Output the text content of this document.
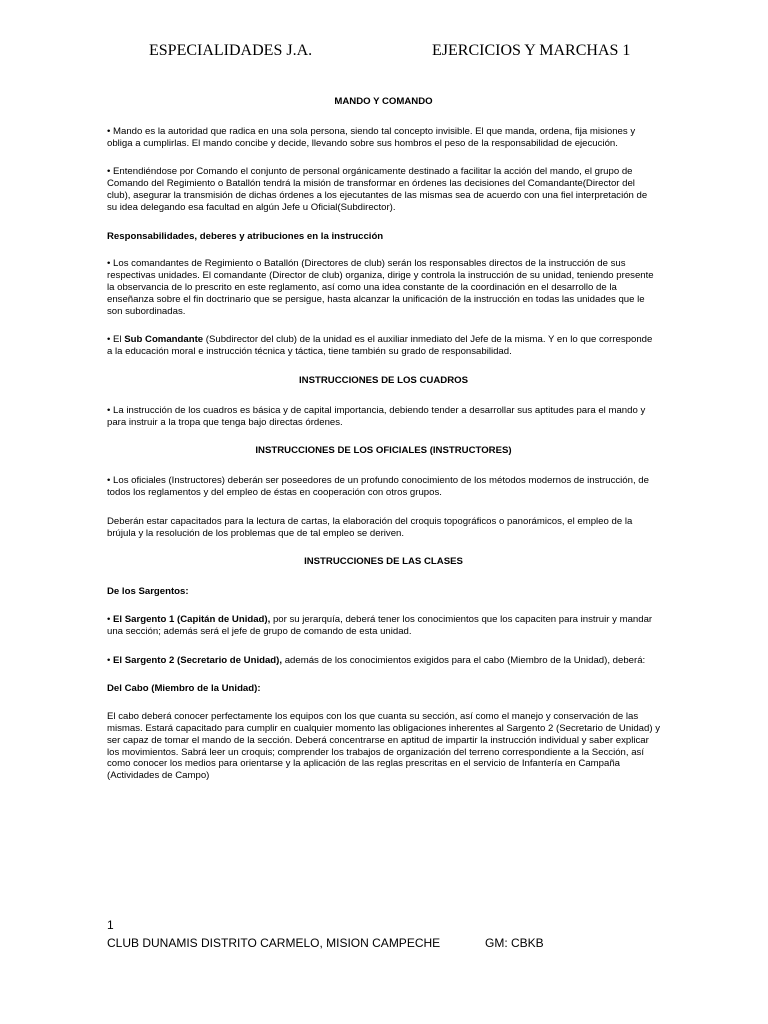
ESPECIALIDADES J.A.	EJERCICIOS Y MARCHAS 1
MANDO Y COMANDO

• Mando es la autoridad que radica en una sola persona, siendo tal concepto invisible. El que manda, ordena, fija misiones y obliga a cumplirlas. El mando concibe y decide, llevando sobre sus hombros el peso de la responsabilidad de ejecución.

• Entendiéndose por Comando el conjunto de personal orgánicamente destinado a facilitar la acción del mando, el grupo de Comando del Regimiento o Batallón tendrá la misión de transformar en órdenes las decisiones del Comandante(Director del club), asegurar la transmisión de dichas órdenes a los ejecutantes de las mismas sea de acuerdo con una fiel interpretación de su idea delegando esa facultad en algún Jefe u Oficial(Subdirector).

Responsabilidades, deberes y atribuciones en la instrucción

• Los comandantes de Regimiento o Batallón (Directores de club) serán los responsables directos de la instrucción de sus respectivas unidades. El comandante (Director de club) organiza, dirige y controla la instrucción de su unidad, teniendo presente la observancia de lo prescrito en este reglamento, así como una idea constante de la coordinación en el desarrollo de la enseñanza sobre el fin doctrinario que se persigue, hasta alcanzar la unificación de la instrucción en todas las unidades que le son subordinadas.

• El Sub Comandante (Subdirector del club) de la unidad es el auxiliar inmediato del Jefe de la misma. Y en lo que corresponde a la educación moral e instrucción técnica y táctica, tiene también su grado de responsabilidad.

INSTRUCCIONES DE LOS CUADROS

• La instrucción de los cuadros es básica y de capital importancia, debiendo tender a desarrollar sus aptitudes para el mando y para instruir a la tropa que tenga bajo directas órdenes.

INSTRUCCIONES DE LOS OFICIALES (INSTRUCTORES)

• Los oficiales (Instructores) deberán ser poseedores de un profundo conocimiento de los métodos modernos de instrucción, de todos los reglamentos y del empleo de éstas en cooperación con otros grupos.

Deberán estar capacitados para la lectura de cartas, la elaboración del croquis topográficos o panorámicos, el empleo de la brújula y la resolución de los problemas que de tal empleo se deriven.

INSTRUCCIONES DE LAS CLASES

De los Sargentos:

• El Sargento 1 (Capitán de Unidad), por su jerarquía, deberá tener los conocimientos que los capaciten para instruir y mandar una sección; además será el jefe de grupo de comando de esta unidad.

• El Sargento 2 (Secretario de Unidad), además de los conocimientos exigidos para el cabo (Miembro de la Unidad), deberá:

Del Cabo (Miembro de la Unidad):

El cabo deberá conocer perfectamente los equipos con los que cuanta su sección, así como el manejo y conservación de las mismas. Estará capacitado para cumplir en cualquier momento las obligaciones inherentes al Sargento 2 (Secretario de Unidad) y ser capaz de tomar el mando de la sección. Deberá concentrarse en aptitud de impartir la instrucción individual y saber explicar los movimientos. Sabrá leer un croquis; comprender los trabajos de organización del terreno correspondiente a la Sección, así como conocer los medios para orientarse y la aplicación de las reglas prescritas en el servicio de Infantería en Campaña (Actividades de Campo)

1
CLUB DUNAMIS DISTRITO CARMELO, MISION CAMPECHE	GM: CBKB
